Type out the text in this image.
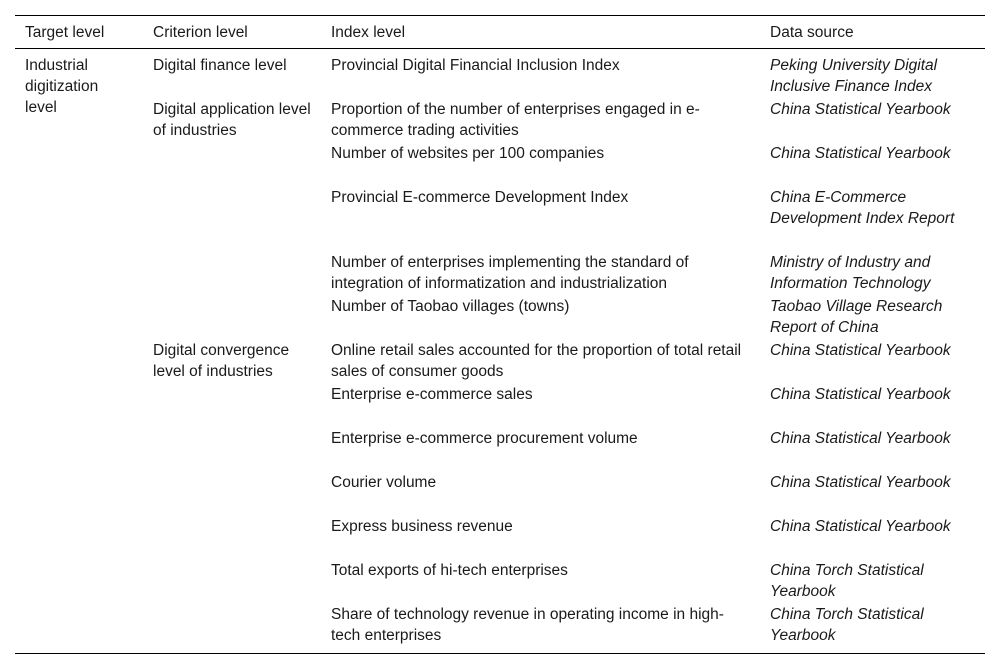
Target level	Criterion level	Index level	Data source
Industrial digitization level	Digital finance level	Provincial Digital Financial Inclusion Index	Peking University Digital Inclusive Finance Index
	Digital application level of industries	Proportion of the number of enterprises engaged in e-commerce trading activities	China Statistical Yearbook
		Number of websites per 100 companies	China Statistical Yearbook
		Provincial E-commerce Development Index	China E-Commerce Development Index Report
		Number of enterprises implementing the standard of integration of informatization and industrialization	Ministry of Industry and Information Technology
		Number of Taobao villages (towns)	Taobao Village Research Report of China
	Digital convergence level of industries	Online retail sales accounted for the proportion of total retail sales of consumer goods	China Statistical Yearbook
		Enterprise e-commerce sales	China Statistical Yearbook
		Enterprise e-commerce procurement volume	China Statistical Yearbook
		Courier volume	China Statistical Yearbook
		Express business revenue	China Statistical Yearbook
		Total exports of hi-tech enterprises	China Torch Statistical Yearbook
		Share of technology revenue in operating income in high-tech enterprises	China Torch Statistical Yearbook
